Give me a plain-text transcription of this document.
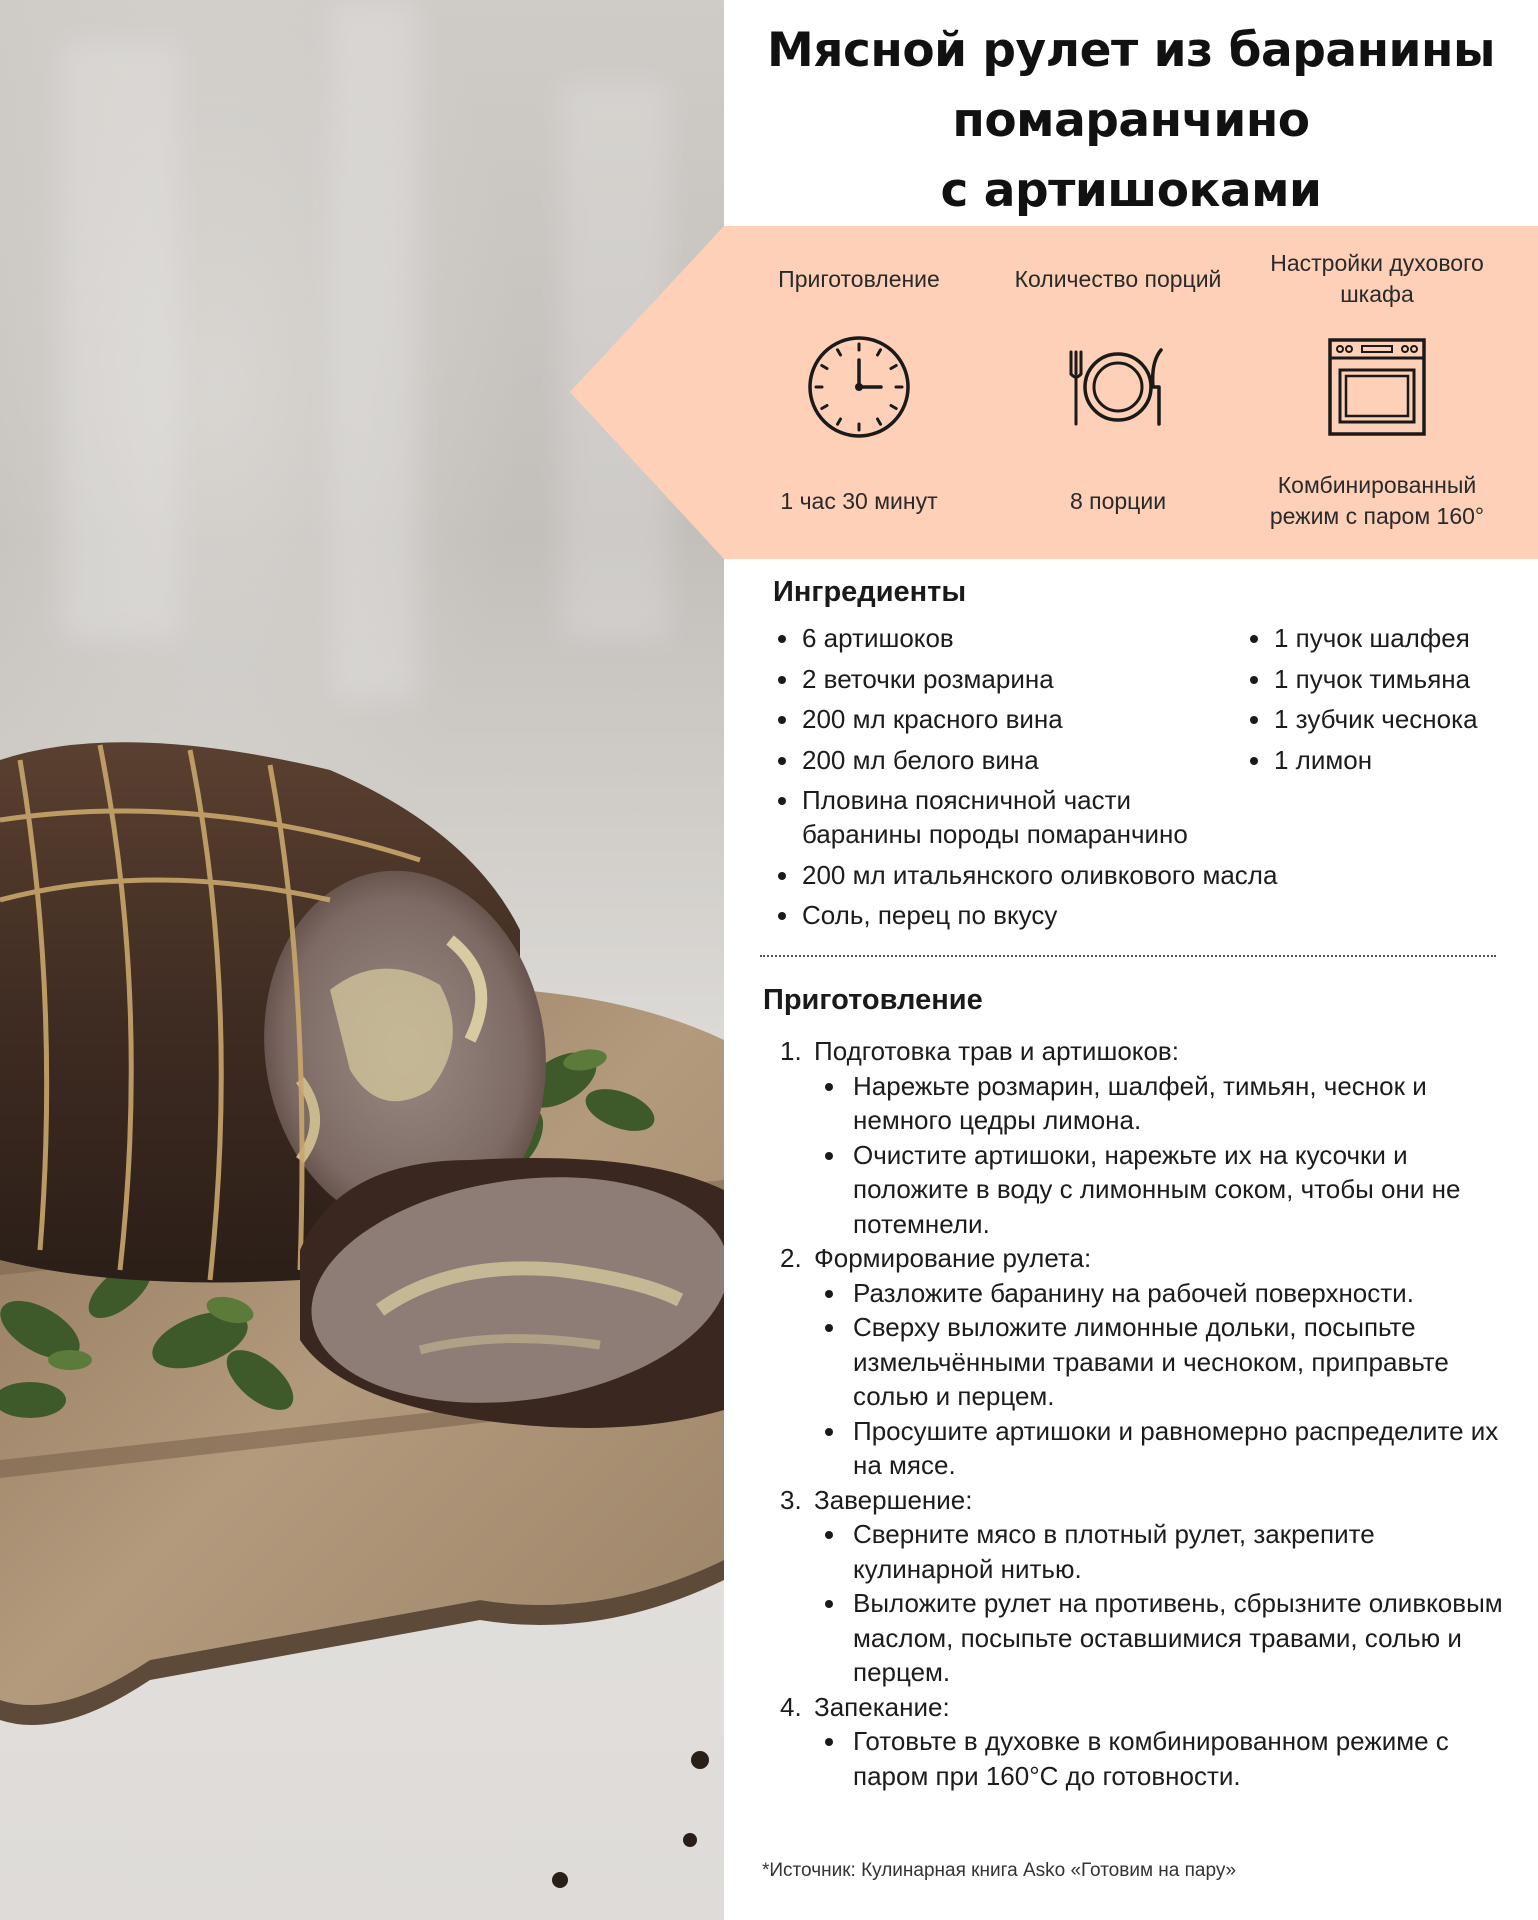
Мясной рулет из баранины
помаранчино
с артишоками
Приготовление
1 час 30 минут
Количество порций
8 порции
Настройки духового шкафа
Комбинированный режим с паром 160°
Ингредиенты
6 артишоков
2 веточки розмарина
200 мл красного вина
200 мл белого вина
Пловина поясничной части баранины породы помаранчино
200 мл итальянского оливкового масла
Соль, перец по вкусу
1 пучок шалфея
1 пучок тимьяна
1 зубчик чеснока
1 лимон
Приготовление
1. Подготовка трав и артишоков:
Нарежьте розмарин, шалфей, тимьян, чеснок и немного цедры лимона.
Очистите артишоки, нарежьте их на кусочки и положите в воду с лимонным соком, чтобы они не потемнели.
2. Формирование рулета:
Разложите баранину на рабочей поверхности.
Сверху выложите лимонные дольки, посыпьте измельчёнными травами и чесноком, приправьте солью и перцем.
Просушите артишоки и равномерно распределите их на мясе.
3. Завершение:
Сверните мясо в плотный рулет, закрепите кулинарной нитью.
Выложите рулет на противень, сбрызните оливковым маслом, посыпьте оставшимися травами, солью и перцем.
4. Запекание:
Готовьте в духовке в комбинированном режиме с паром при 160°C до готовности.
*Источник: Кулинарная книга Asko «Готовим на пару»
